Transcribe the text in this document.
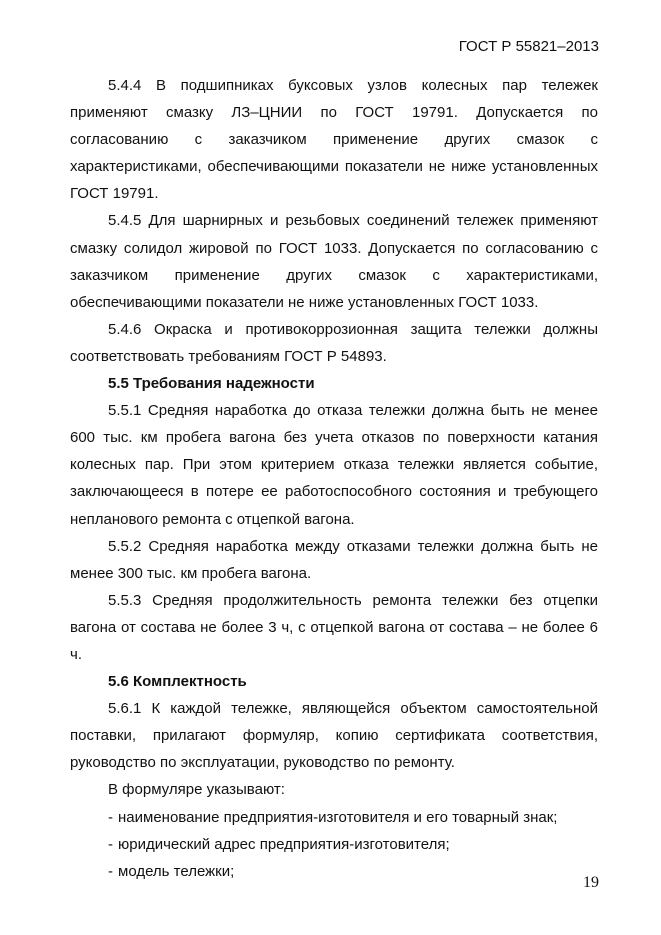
ГОСТ Р 55821–2013

5.4.4 В подшипниках буксовых узлов колесных пар тележек применяют смазку ЛЗ–ЦНИИ по ГОСТ 19791. Допускается по согласованию с заказчиком применение других смазок с характеристиками, обеспечивающими показатели не ниже установленных ГОСТ 19791.

5.4.5 Для шарнирных и резьбовых соединений тележек применяют смазку солидол жировой по ГОСТ 1033. Допускается по согласованию с заказчиком применение других смазок с характеристиками, обеспечивающими показатели не ниже установленных ГОСТ 1033.

5.4.6 Окраска и противокоррозионная защита тележки должны соответствовать требованиям ГОСТ Р 54893.

5.5 Требования надежности

5.5.1 Средняя наработка до отказа тележки должна быть не менее 600 тыс. км пробега вагона без учета отказов по поверхности катания колесных пар. При этом критерием отказа тележки является событие, заключающееся в потере ее работоспособного состояния и требующего непланового ремонта с отцепкой вагона.

5.5.2 Средняя наработка между отказами тележки должна быть не менее 300 тыс. км пробега вагона.

5.5.3 Средняя продолжительность ремонта тележки без отцепки вагона от состава не более 3 ч, с отцепкой вагона от состава – не более 6 ч.

5.6 Комплектность

5.6.1 К каждой тележке, являющейся объектом самостоятельной поставки, прилагают формуляр, копию сертификата соответствия, руководство по эксплуатации, руководство по ремонту.

В формуляре указывают:

- наименование предприятия-изготовителя и его товарный знак;
- юридический адрес предприятия-изготовителя;
- модель тележки;
19
